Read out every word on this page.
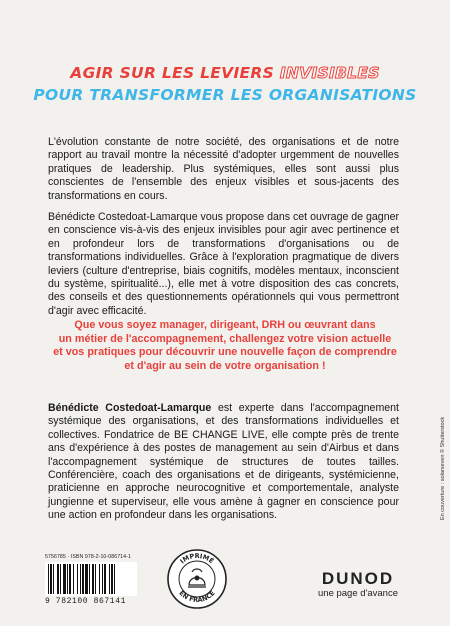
AGIR SUR LES LEVIERS INVISIBLES
POUR TRANSFORMER LES ORGANISATIONS

L'évolution constante de notre société, des organisations et de notre rapport au travail montre la nécessité d'adopter urgemment de nouvelles pratiques de leadership. Plus systémiques, elles sont aussi plus conscientes de l'ensemble des enjeux visibles et sous-jacents des transformations en cours.

Bénédicte Costedoat-Lamarque vous propose dans cet ouvrage de gagner en conscience vis-à-vis des enjeux invisibles pour agir avec pertinence et en profondeur lors de transformations d'organisations ou de transformations individuelles. Grâce à l'exploration pragmatique de divers leviers (culture d'entreprise, biais cognitifs, modèles mentaux, inconscient du système, spiritualité...), elle met à votre disposition des cas concrets, des conseils et des questionnements opérationnels qui vous permettront d'agir avec efficacité.

Que vous soyez manager, dirigeant, DRH ou œuvrant dans
un métier de l'accompagnement, challengez votre vision actuelle
et vos pratiques pour découvrir une nouvelle façon de comprendre
et d'agir au sein de votre organisation !

Bénédicte Costedoat-Lamarque est experte dans l'accompagnement systémique des organisations, et des transformations individuelles et collectives. Fondatrice de BE CHANGE LIVE, elle compte près de trente ans d'expérience à des postes de management au sein d'Airbus et dans l'accompagnement systémique de structures de toutes tailles. Conférencière, coach des organisations et de dirigeants, systémicienne, praticienne en approche neurocognitive et comportementale, analyste jungienne et superviseur, elle vous amène à gagner en conscience pour une action en profondeur dans les organisations.

5756785 · ISBN 978-2-10-086714-1
9 782100 867141
IMPRIMÉ
EN FRANCE
DUNOD
une page d'avance
En couverture : solarseven © Shutterstock
